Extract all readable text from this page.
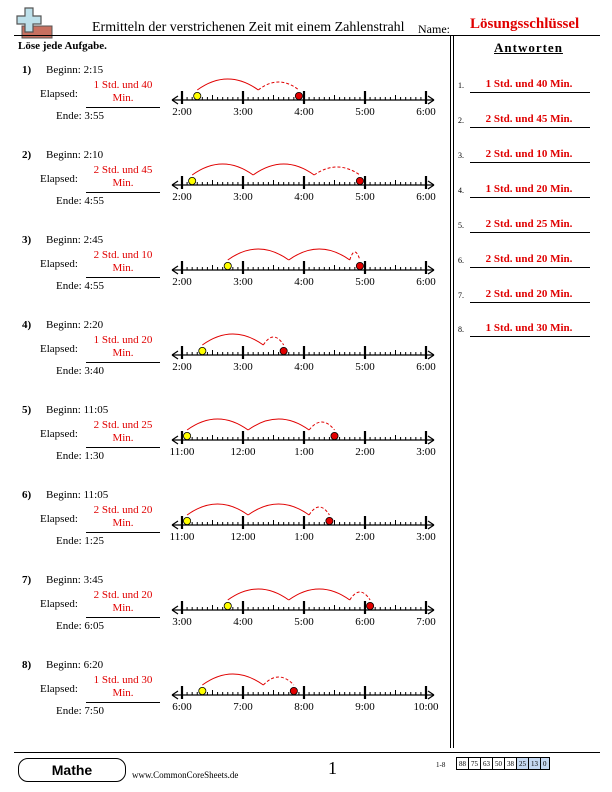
Ermitteln der verstrichenen Zeit mit einem Zahlenstrahl Name: Lösungsschlüssel
Löse jede Aufgabe.	Antworten
1) Beginn: 2:15
Elapsed:
1 Std. und 40 Min.
Ende: 3:55	2:00	3:00	4:00	5:00	6:00
2) Beginn: 2:10
Elapsed:
2 Std. und 45 Min.
Ende: 4:55	2:00	3:00	4:00	5:00	6:00
3) Beginn: 2:45
Elapsed:
2 Std. und 10 Min.
Ende: 4:55	2:00	3:00	4:00	5:00	6:00
4) Beginn: 2:20
Elapsed:
1 Std. und 20 Min.
Ende: 3:40	2:00	3:00	4:00	5:00	6:00
5) Beginn: 11:05
Elapsed:
2 Std. und 25 Min.
Ende: 1:30	11:00	12:00	1:00	2:00	3:00
6) Beginn: 11:05
Elapsed:
2 Std. und 20 Min.
Ende: 1:25	11:00	12:00	1:00	2:00	3:00
7) Beginn: 3:45
Elapsed:
2 Std. und 20 Min.
Ende: 6:05	3:00	4:00	5:00	6:00	7:00
8) Beginn: 6:20
Elapsed:
1 Std. und 30 Min.
Ende: 7:50	6:00	7:00	8:00	9:00	10:00
1.	1 Std. und 40 Min.
2.	2 Std. und 45 Min.
3.	2 Std. und 10 Min.
4.	1 Std. und 20 Min.
5.	2 Std. und 25 Min.
6.	2 Std. und 20 Min.
7.	2 Std. und 20 Min.
8.	1 Std. und 30 Min.
Mathe	www.CommonCoreSheets.de	1	1-8 88	75	63	50	38	25	13	0
